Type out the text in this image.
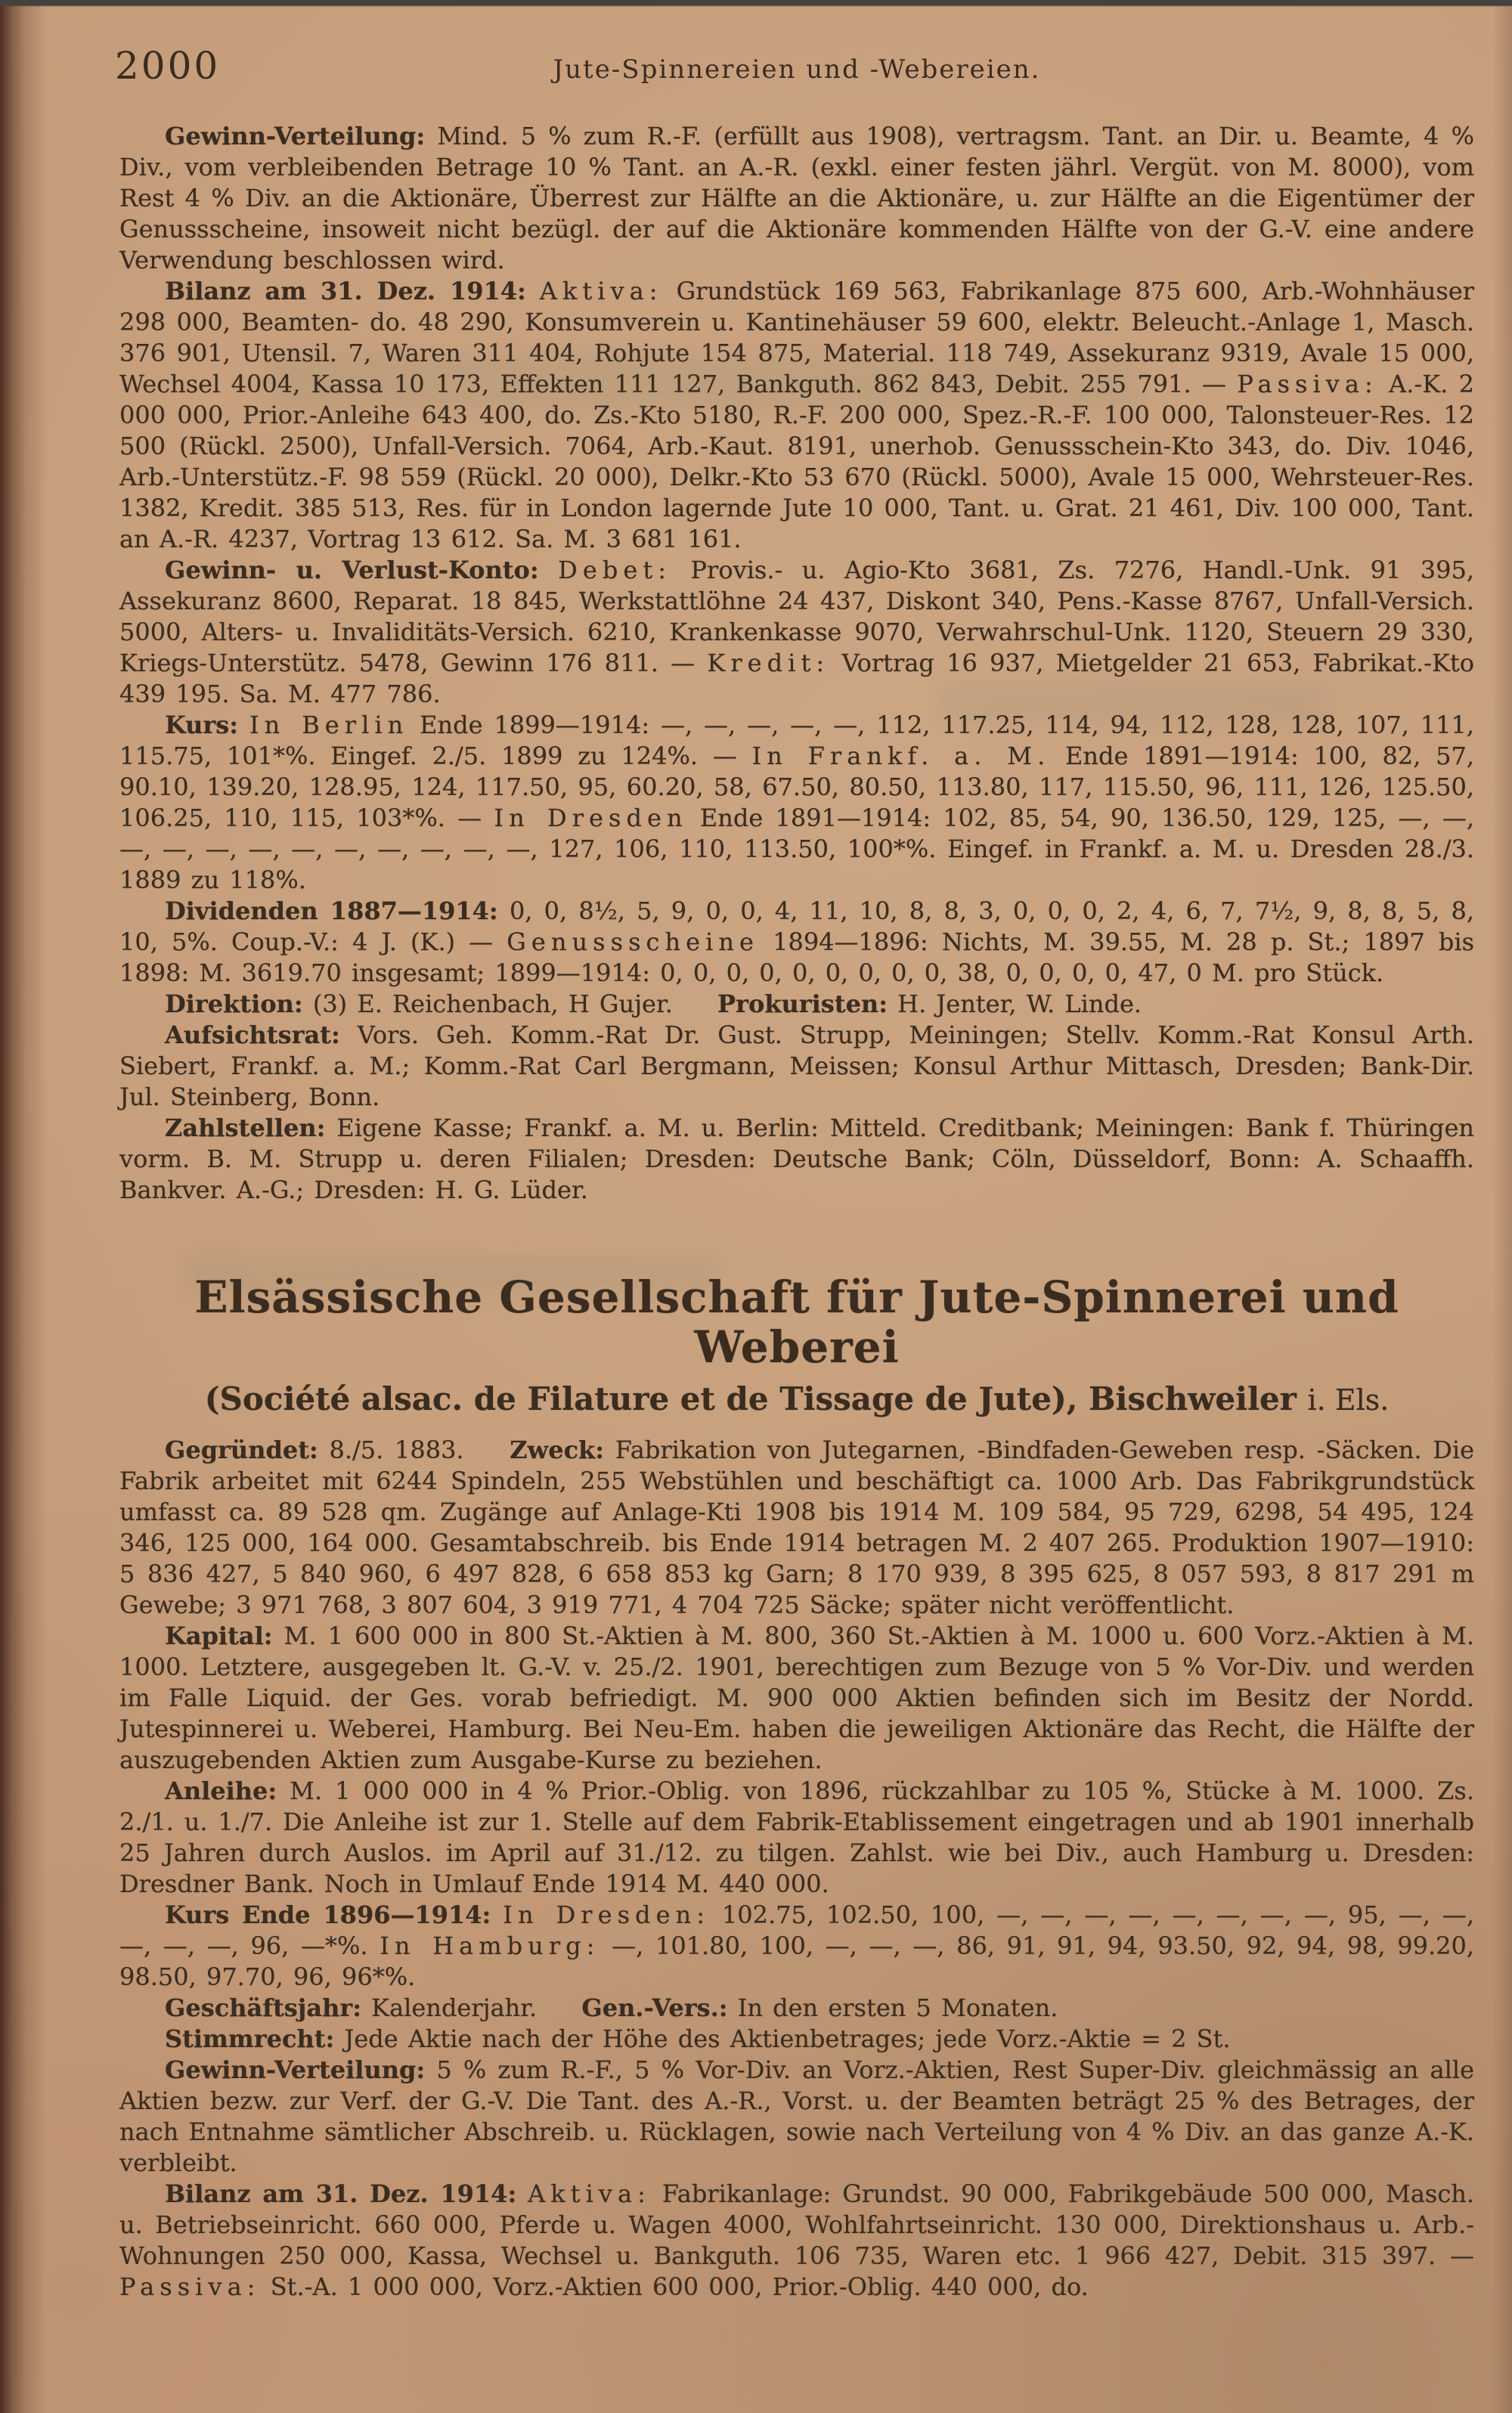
2000	Jute-Spinnereien und -Webereien.

Gewinn-Verteilung: Mind. 5 % zum R.-F. (erfüllt aus 1908), vertragsm. Tant. an Dir. u. Beamte, 4 % Div., vom verbleibenden Betrage 10 % Tant. an A.-R. (exkl. einer festen jährl. Vergüt. von M. 8000), vom Rest 4 % Div. an die Aktionäre, Überrest zur Hälfte an die Aktionäre, u. zur Hälfte an die Eigentümer der Genussscheine, insoweit nicht bezügl. der auf die Aktionäre kommenden Hälfte von der G.-V. eine andere Verwendung beschlossen wird.

Bilanz am 31. Dez. 1914: Aktiva: Grundstück 169 563, Fabrikanlage 875 600, Arb.-Wohnhäuser 298 000, Beamten- do. 48 290, Konsumverein u. Kantinehäuser 59 600, elektr. Beleucht.-Anlage 1, Masch. 376 901, Utensil. 7, Waren 311 404, Rohjute 154 875, Material. 118 749, Assekuranz 9319, Avale 15 000, Wechsel 4004, Kassa 10 173, Effekten 111 127, Bankguth. 862 843, Debit. 255 791. — Passiva: A.-K. 2 000 000, Prior.-Anleihe 643 400, do. Zs.-Kto 5180, R.-F. 200 000, Spez.-R.-F. 100 000, Talonsteuer-Res. 12 500 (Rückl. 2500), Unfall-Versich. 7064, Arb.-Kaut. 8191, unerhob. Genussschein-Kto 343, do. Div. 1046, Arb.-Unterstütz.-F. 98 559 (Rückl. 20 000), Delkr.-Kto 53 670 (Rückl. 5000), Avale 15 000, Wehrsteuer-Res. 1382, Kredit. 385 513, Res. für in London lagernde Jute 10 000, Tant. u. Grat. 21 461, Div. 100 000, Tant. an A.-R. 4237, Vortrag 13 612. Sa. M. 3 681 161.

Gewinn- u. Verlust-Konto: Debet: Provis.- u. Agio-Kto 3681, Zs. 7276, Handl.-Unk. 91 395, Assekuranz 8600, Reparat. 18 845, Werkstattlöhne 24 437, Diskont 340, Pens.-Kasse 8767, Unfall-Versich. 5000, Alters- u. Invaliditäts-Versich. 6210, Krankenkasse 9070, Verwahrschul-Unk. 1120, Steuern 29 330, Kriegs-Unterstütz. 5478, Gewinn 176 811. — Kredit: Vortrag 16 937, Mietgelder 21 653, Fabrikat.-Kto 439 195. Sa. M. 477 786.

Kurs: In Berlin Ende 1899—1914: —, —, —, —, —, 112, 117.25, 114, 94, 112, 128, 128, 107, 111, 115.75, 101*%. Eingef. 2./5. 1899 zu 124%. — In Frankf. a. M. Ende 1891—1914: 100, 82, 57, 90.10, 139.20, 128.95, 124, 117.50, 95, 60.20, 58, 67.50, 80.50, 113.80, 117, 115.50, 96, 111, 126, 125.50, 106.25, 110, 115, 103*%. — In Dresden Ende 1891—1914: 102, 85, 54, 90, 136.50, 129, 125, —, —, —, —, —, —, —, —, —, —, —, —, 127, 106, 110, 113.50, 100*%. Eingef. in Frankf. a. M. u. Dresden 28./3. 1889 zu 118%.

Dividenden 1887—1914: 0, 0, 8½, 5, 9, 0, 0, 4, 11, 10, 8, 8, 3, 0, 0, 0, 2, 4, 6, 7, 7½, 9, 8, 8, 5, 8, 10, 5%. Coup.-V.: 4 J. (K.) — Genussscheine 1894—1896: Nichts, M. 39.55, M. 28 p. St.; 1897 bis 1898: M. 3619.70 insgesamt; 1899—1914: 0, 0, 0, 0, 0, 0, 0, 0, 0, 38, 0, 0, 0, 0, 47, 0 M. pro Stück.

Direktion: (3) E. Reichenbach, H Gujer. Prokuristen: H. Jenter, W. Linde.

Aufsichtsrat: Vors. Geh. Komm.-Rat Dr. Gust. Strupp, Meiningen; Stellv. Komm.-Rat Konsul Arth. Siebert, Frankf. a. M.; Komm.-Rat Carl Bergmann, Meissen; Konsul Arthur Mittasch, Dresden; Bank-Dir. Jul. Steinberg, Bonn.

Zahlstellen: Eigene Kasse; Frankf. a. M. u. Berlin: Mitteld. Creditbank; Meiningen: Bank f. Thüringen vorm. B. M. Strupp u. deren Filialen; Dresden: Deutsche Bank; Cöln, Düsseldorf, Bonn: A. Schaaffh. Bankver. A.-G.; Dresden: H. G. Lüder.

Elsässische Gesellschaft für Jute-Spinnerei und Weberei
(Société alsac. de Filature et de Tissage de Jute), Bischweiler i. Els.

Gegründet: 8./5. 1883. Zweck: Fabrikation von Jutegarnen, -Bindfaden-Geweben resp. -Säcken. Die Fabrik arbeitet mit 6244 Spindeln, 255 Webstühlen und beschäftigt ca. 1000 Arb. Das Fabrikgrundstück umfasst ca. 89 528 qm. Zugänge auf Anlage-Kti 1908 bis 1914 M. 109 584, 95 729, 6298, 54 495, 124 346, 125 000, 164 000. Gesamtabschreib. bis Ende 1914 betragen M. 2 407 265. Produktion 1907—1910: 5 836 427, 5 840 960, 6 497 828, 6 658 853 kg Garn; 8 170 939, 8 395 625, 8 057 593, 8 817 291 m Gewebe; 3 971 768, 3 807 604, 3 919 771, 4 704 725 Säcke; später nicht veröffentlicht.

Kapital: M. 1 600 000 in 800 St.-Aktien à M. 800, 360 St.-Aktien à M. 1000 u. 600 Vorz.-Aktien à M. 1000. Letztere, ausgegeben lt. G.-V. v. 25./2. 1901, berechtigen zum Bezuge von 5 % Vor-Div. und werden im Falle Liquid. der Ges. vorab befriedigt. M. 900 000 Aktien befinden sich im Besitz der Nordd. Jutespinnerei u. Weberei, Hamburg. Bei Neu-Em. haben die jeweiligen Aktionäre das Recht, die Hälfte der auszugebenden Aktien zum Ausgabe-Kurse zu beziehen.

Anleihe: M. 1 000 000 in 4 % Prior.-Oblig. von 1896, rückzahlbar zu 105 %, Stücke à M. 1000. Zs. 2./1. u. 1./7. Die Anleihe ist zur 1. Stelle auf dem Fabrik-Etablissement eingetragen und ab 1901 innerhalb 25 Jahren durch Auslos. im April auf 31./12. zu tilgen. Zahlst. wie bei Div., auch Hamburg u. Dresden: Dresdner Bank. Noch in Umlauf Ende 1914 M. 440 000.

Kurs Ende 1896—1914: In Dresden: 102.75, 102.50, 100, —, —, —, —, —, —, —, —, 95, —, —, —, —, —, 96, —*%. In Hamburg: —, 101.80, 100, —, —, —, 86, 91, 91, 94, 93.50, 92, 94, 98, 99.20, 98.50, 97.70, 96, 96*%.

Geschäftsjahr: Kalenderjahr. Gen.-Vers.: In den ersten 5 Monaten.

Stimmrecht: Jede Aktie nach der Höhe des Aktienbetrages; jede Vorz.-Aktie = 2 St.

Gewinn-Verteilung: 5 % zum R.-F., 5 % Vor-Div. an Vorz.-Aktien, Rest Super-Div. gleichmässig an alle Aktien bezw. zur Verf. der G.-V. Die Tant. des A.-R., Vorst. u. der Beamten beträgt 25 % des Betrages, der nach Entnahme sämtlicher Abschreib. u. Rücklagen, sowie nach Verteilung von 4 % Div. an das ganze A.-K. verbleibt.

Bilanz am 31. Dez. 1914: Aktiva: Fabrikanlage: Grundst. 90 000, Fabrikgebäude 500 000, Masch. u. Betriebseinricht. 660 000, Pferde u. Wagen 4000, Wohlfahrtseinricht. 130 000, Direktionshaus u. Arb.-Wohnungen 250 000, Kassa, Wechsel u. Bankguth. 106 735, Waren etc. 1 966 427, Debit. 315 397. — Passiva: St.-A. 1 000 000, Vorz.-Aktien 600 000, Prior.-Oblig. 440 000, do.
